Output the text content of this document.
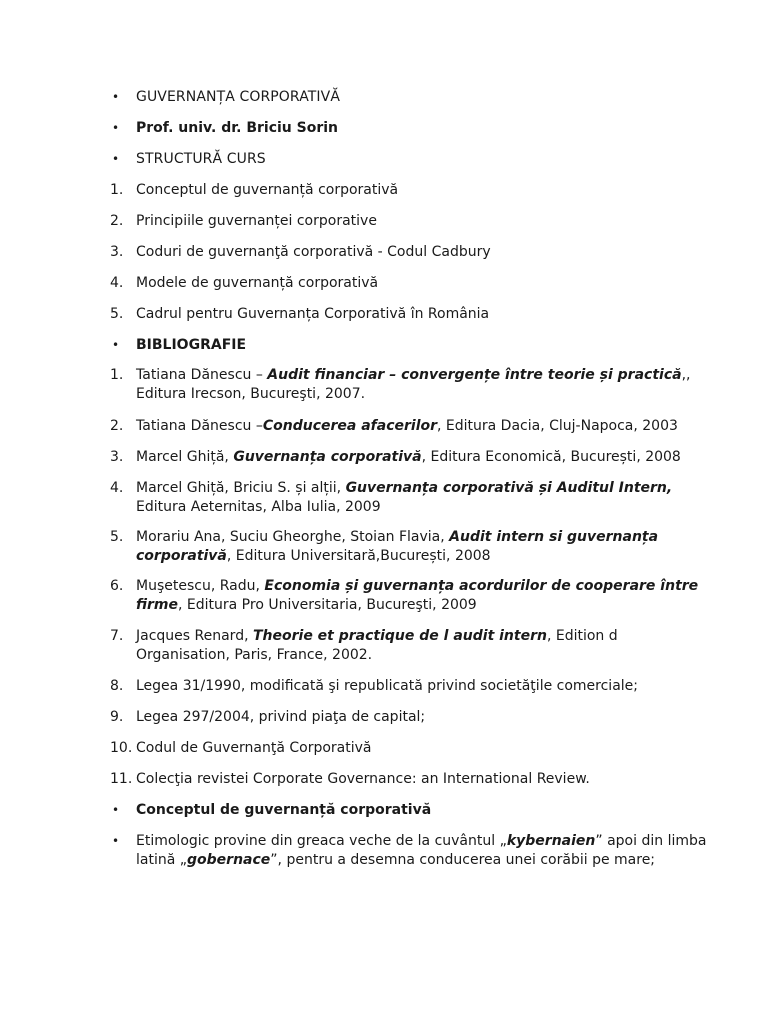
•	GUVERNANȚA CORPORATIVĂ
•	Prof. univ. dr. Briciu Sorin
•	STRUCTURĂ CURS
1. Conceptul de guvernanță corporativă
2. Principiile guvernanței corporative
3. Coduri de guvernanţă corporativă - Codul Cadbury
4. Modele de guvernanță corporativă
5. Cadrul pentru Guvernanța Corporativă în România
•	BIBLIOGRAFIE
1. Tatiana Dănescu – Audit financiar – convergențe între teorie și practică,, Editura Irecson, Bucureşti, 2007.
2. Tatiana Dănescu –Conducerea afacerilor, Editura Dacia, Cluj-Napoca, 2003
3. Marcel Ghiță, Guvernanța corporativă, Editura Economică, București, 2008
4. Marcel Ghiță, Briciu S. și alții, Guvernanța corporativă și Auditul Intern, Editura Aeternitas, Alba Iulia, 2009
5. Morariu Ana, Suciu Gheorghe, Stoian Flavia, Audit intern si guvernanța corporativă, Editura Universitară,București, 2008
6. Muşetescu, Radu, Economia și guvernanța acordurilor de cooperare între firme, Editura Pro Universitaria, Bucureşti, 2009
7. Jacques Renard, Theorie et practique de l audit intern, Edition d Organisation, Paris, France, 2002.
8. Legea 31/1990, modificată şi republicată privind societăţile comerciale;
9. Legea 297/2004, privind piaţa de capital;
10. Codul de Guvernanţă Corporativă
11. Colecţia revistei Corporate Governance: an International Review.
•	Conceptul de guvernanță corporativă
•	Etimologic provine din greaca veche de la cuvântul „kybernaien” apoi din limba latină „gobernace”, pentru a desemna conducerea unei corăbii pe mare;
